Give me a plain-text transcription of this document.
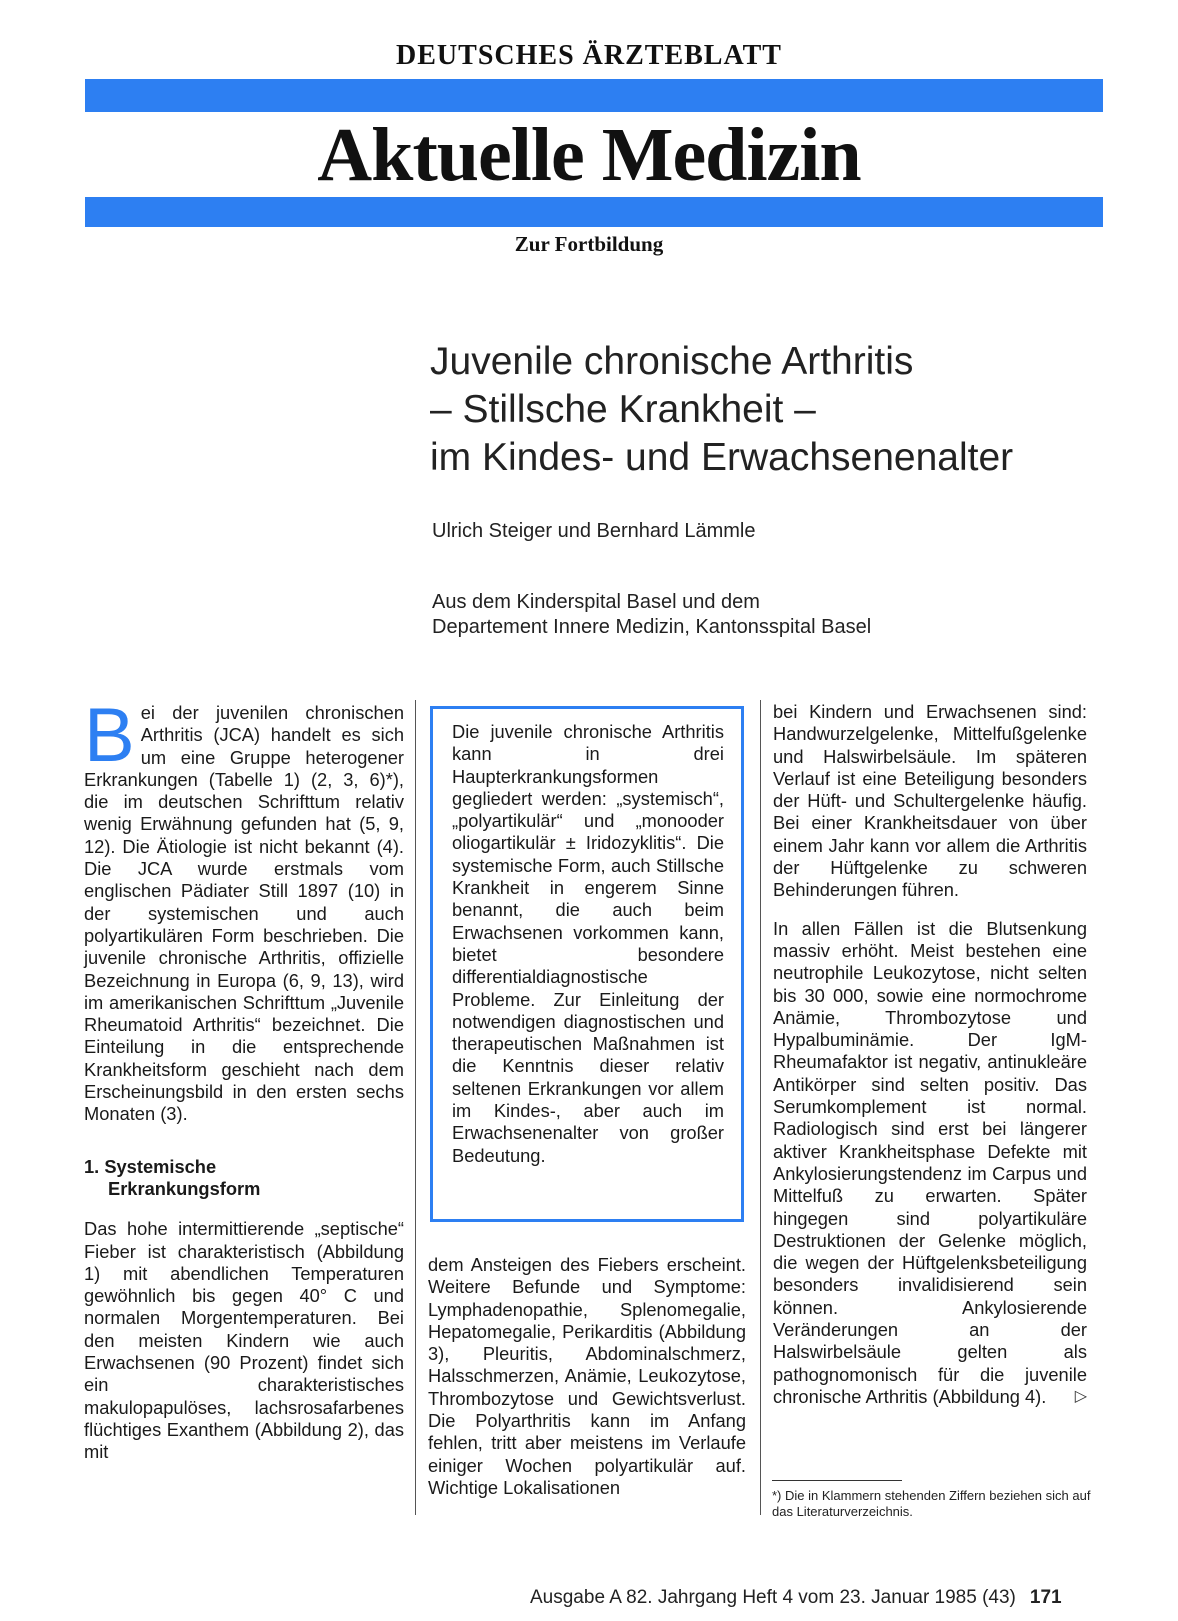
DEUTSCHES ÄRZTEBLATT
Aktuelle Medizin
Zur Fortbildung
Juvenile chronische Arthritis
– Stillsche Krankheit –
im Kindes- und Erwachsenenalter
Ulrich Steiger und Bernhard Lämmle
Aus dem Kinderspital Basel und dem
Departement Innere Medizin, Kantonsspital Basel

Bei der juvenilen chronischen Arthritis (JCA) handelt es sich um eine Gruppe heterogener Erkrankungen (Tabelle 1) (2, 3, 6)*), die im deutschen Schrifttum relativ wenig Erwähnung gefunden hat (5, 9, 12). Die Ätiologie ist nicht bekannt (4). Die JCA wurde erstmals vom englischen Pädiater Still 1897 (10) in der systemischen und auch polyartikulären Form beschrieben. Die juvenile chronische Arthritis, offizielle Bezeichnung in Europa (6, 9, 13), wird im amerikanischen Schrifttum „Juvenile Rheumatoid Arthritis“ bezeichnet. Die Einteilung in die entsprechende Krankheitsform geschieht nach dem Erscheinungsbild in den ersten sechs Monaten (3).

1. Systemische
Erkrankungsform

Das hohe intermittierende „septische“ Fieber ist charakteristisch (Abbildung 1) mit abendlichen Temperaturen gewöhnlich bis gegen 40° C und normalen Morgentemperaturen. Bei den meisten Kindern wie auch Erwachsenen (90 Prozent) findet sich ein charakteristisches makulopapulöses, lachsrosafarbenes flüchtiges Exanthem (Abbildung 2), das mit

Die juvenile chronische Arthritis kann in drei Haupterkrankungsformen gegliedert werden: „systemisch“, „polyartikulär“ und „monooder oliogartikulär ± Iridozyklitis“. Die systemische Form, auch Stillsche Krankheit in engerem Sinne benannt, die auch beim Erwachsenen vorkommen kann, bietet besondere differentialdiagnostische Probleme. Zur Einleitung der notwendigen diagnostischen und therapeutischen Maßnahmen ist die Kenntnis dieser relativ seltenen Erkrankungen vor allem im Kindes-, aber auch im Erwachsenenalter von großer Bedeutung.

dem Ansteigen des Fiebers erscheint. Weitere Befunde und Symptome: Lymphadenopathie, Splenomegalie, Hepatomegalie, Perikarditis (Abbildung 3), Pleuritis, Abdominalschmerz, Halsschmerzen, Anämie, Leukozytose, Thrombozytose und Gewichtsverlust. Die Polyarthritis kann im Anfang fehlen, tritt aber meistens im Verlaufe einiger Wochen polyartikulär auf. Wichtige Lokalisationen

bei Kindern und Erwachsenen sind: Handwurzelgelenke, Mittelfußgelenke und Halswirbelsäule. Im späteren Verlauf ist eine Beteiligung besonders der Hüft- und Schultergelenke häufig. Bei einer Krankheitsdauer von über einem Jahr kann vor allem die Arthritis der Hüftgelenke zu schweren Behinderungen führen.

In allen Fällen ist die Blutsenkung massiv erhöht. Meist bestehen eine neutrophile Leukozytose, nicht selten bis 30 000, sowie eine normochrome Anämie, Thrombozytose und Hypalbuminämie. Der IgM-Rheumafaktor ist negativ, antinukleäre Antikörper sind selten positiv. Das Serumkomplement ist normal. Radiologisch sind erst bei längerer aktiver Krankheitsphase Defekte mit Ankylosierungstendenz im Carpus und Mittelfuß zu erwarten. Später hingegen sind polyartikuläre Destruktionen der Gelenke möglich, die wegen der Hüftgelenksbeteiligung besonders invalidisierend sein können. Ankylosierende Veränderungen an der Halswirbelsäule gelten als pathognomonisch für die juvenile chronische Arthritis (Abbildung 4). ▷

*) Die in Klammern stehenden Ziffern beziehen sich auf das Literaturverzeichnis.
Ausgabe A 82. Jahrgang Heft 4 vom 23. Januar 1985 (43) 171
